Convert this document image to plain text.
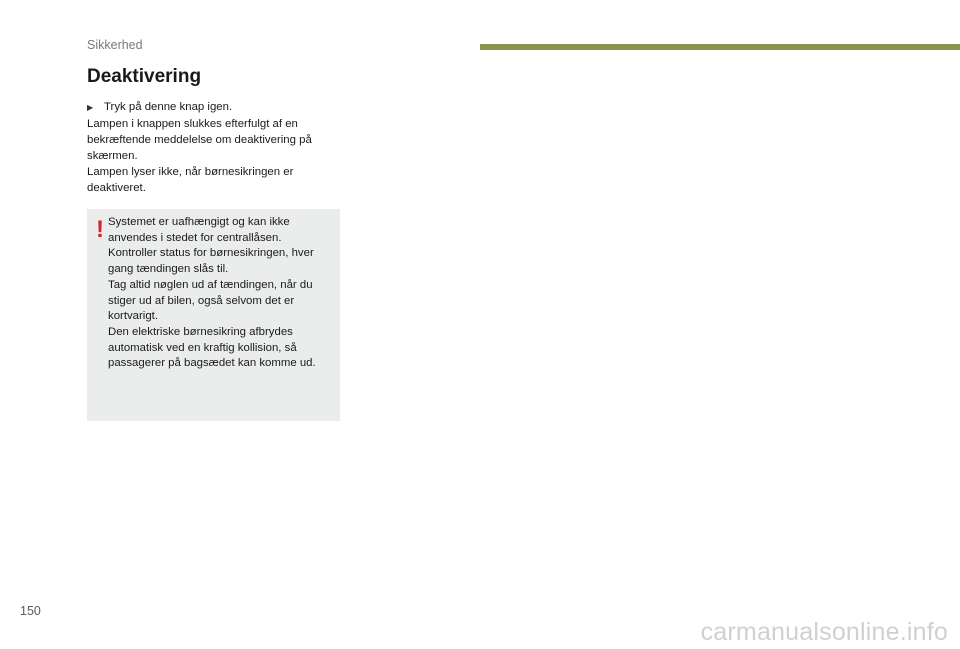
Sikkerhed
Deaktivering
▶ Tryk på denne knap igen.

Lampen i knappen slukkes efterfulgt af en bekræftende meddelelse om deaktivering på skærmen.

Lampen lyser ikke, når børnesikringen er deaktiveret.

! Systemet er uafhængigt og kan ikke anvendes i stedet for centrallåsen.

Kontroller status for børnesikringen, hver gang tændingen slås til.

Tag altid nøglen ud af tændingen, når du stiger ud af bilen, også selvom det er kortvarigt.

Den elektriske børnesikring afbrydes automatisk ved en kraftig kollision, så passagerer på bagsædet kan komme ud.

150
carmanualsonline.info
